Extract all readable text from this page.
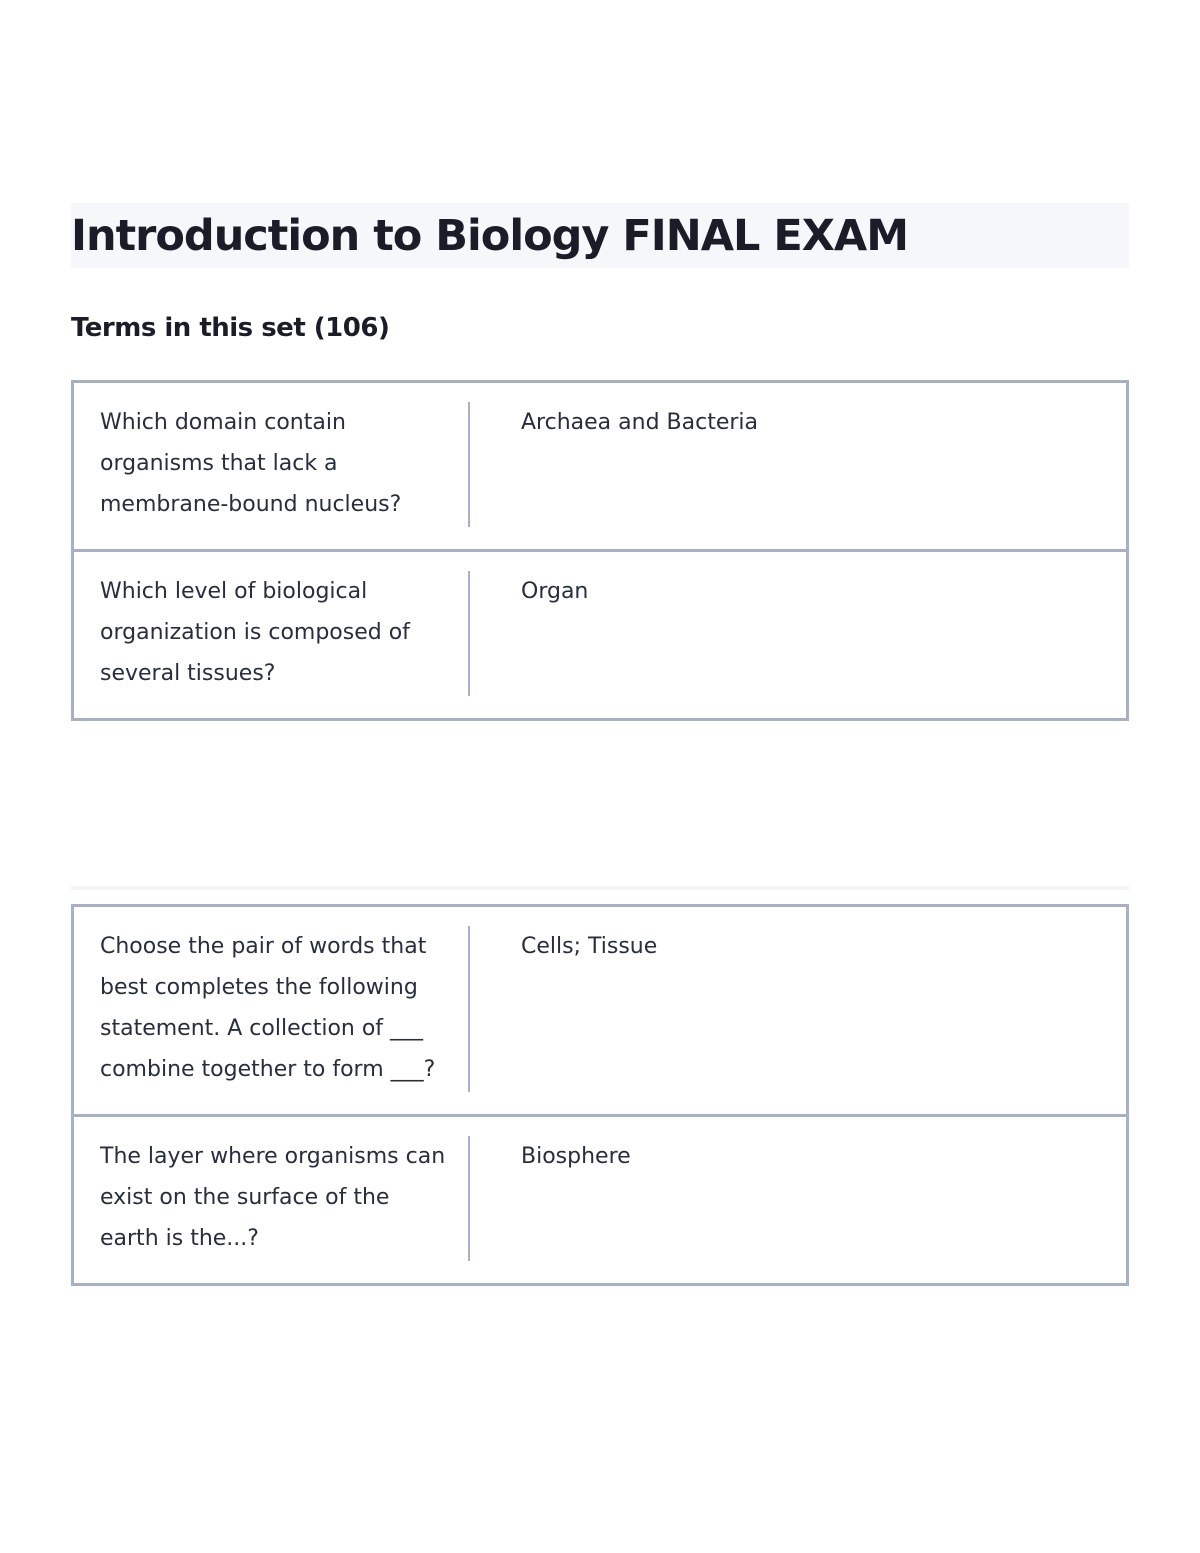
Introduction to Biology FINAL EXAM
Terms in this set (106)
Which domain contain organisms that lack a membrane-bound nucleus?
Archaea and Bacteria
Which level of biological organization is composed of several tissues?
Organ
Choose the pair of words that best completes the following statement. A collection of ___ combine together to form ___?
Cells; Tissue
The layer where organisms can exist on the surface of the earth is the...?
Biosphere
